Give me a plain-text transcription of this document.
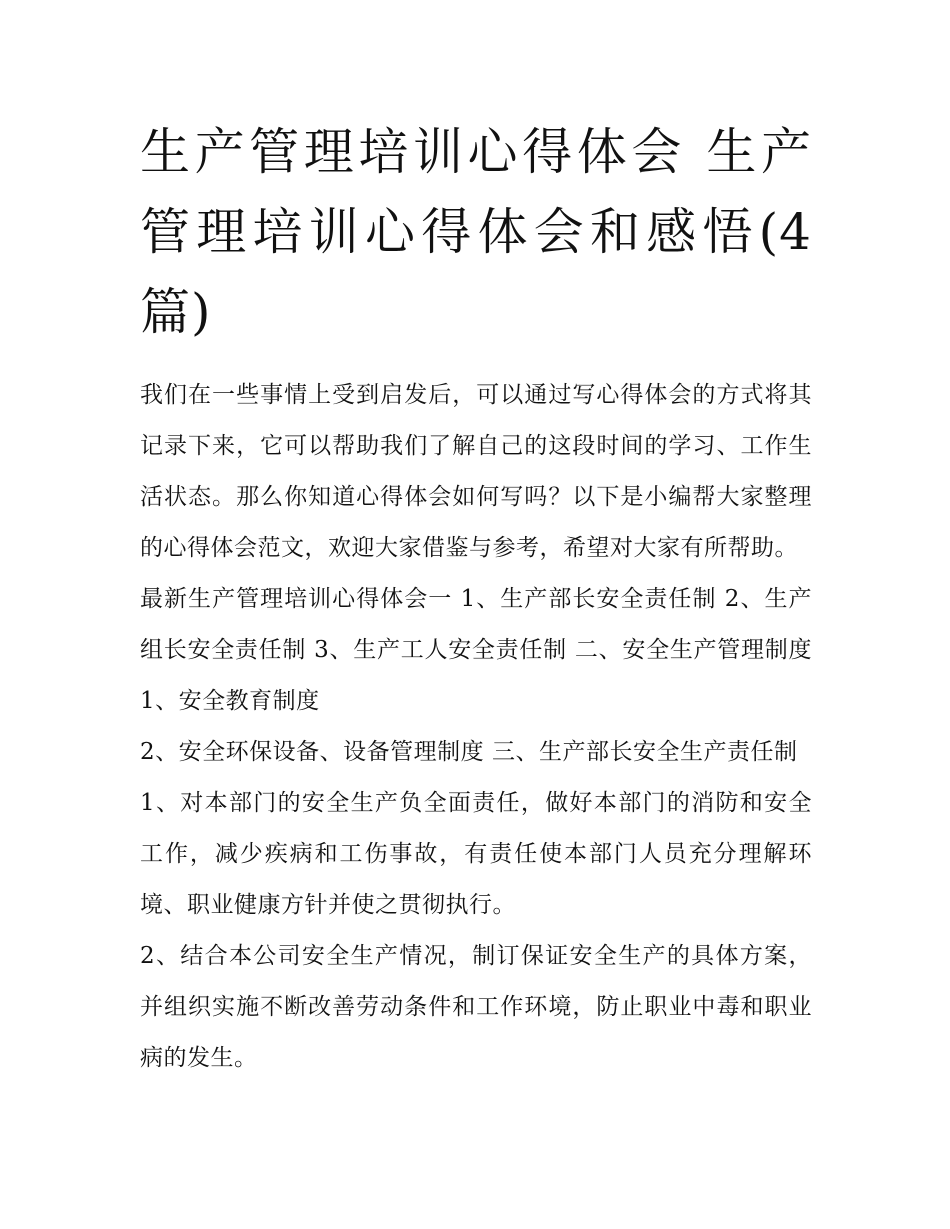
生产管理培训心得体会 生产管理培训心得体会和感悟(4篇)

我们在一些事情上受到启发后，可以通过写心得体会的方式将其记录下来，它可以帮助我们了解自己的这段时间的学习、工作生活状态。那么你知道心得体会如何写吗？以下是小编帮大家整理的心得体会范文，欢迎大家借鉴与参考，希望对大家有所帮助。

最新生产管理培训心得体会一 1、生产部长安全责任制 2、生产组长安全责任制 3、生产工人安全责任制 二、安全生产管理制度 1、安全教育制度

2、安全环保设备、设备管理制度 三、生产部长安全生产责任制

1、对本部门的安全生产负全面责任，做好本部门的消防和安全工作，减少疾病和工伤事故，有责任使本部门人员充分理解环境、职业健康方针并使之贯彻执行。

2、结合本公司安全生产情况，制订保证安全生产的具体方案，并组织实施不断改善劳动条件和工作环境，防止职业中毒和职业病的发生。
